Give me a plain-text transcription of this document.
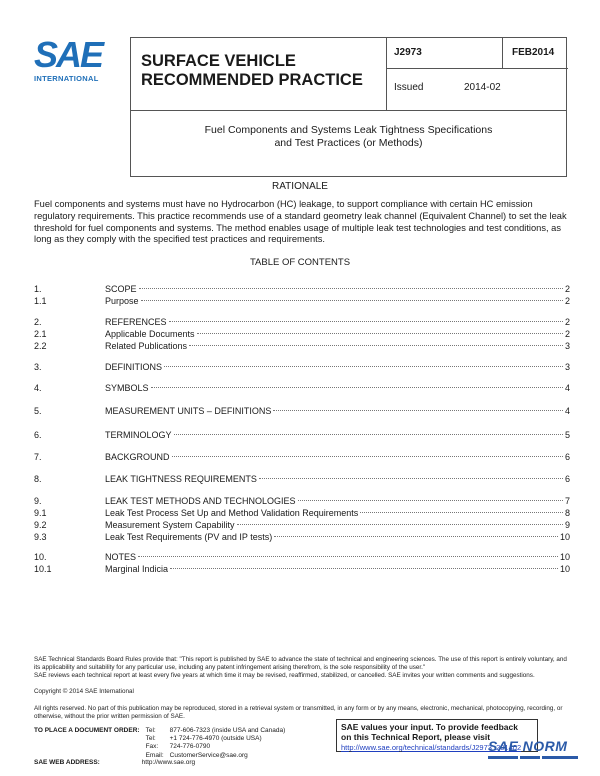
SAE
INTERNATIONAL
SURFACE VEHICLE
RECOMMENDED PRACTICE
J2973	FEB2014
Issued	2014-02
Fuel Components and Systems Leak Tightness Specifications
and Test Practices (or Methods)
RATIONALE
Fuel components and systems must have no Hydrocarbon (HC) leakage, to support compliance with certain HC emission regulatory requirements. This practice recommends use of a standard geometry leak channel (Equivalent Channel) to set the leak threshold for fuel components and systems. The method enables usage of multiple leak test technologies and test conditions, as long as they comply with the specified test practices and requirements.
TABLE OF CONTENTS
1.	SCOPE	2
1.1	Purpose	2
2.	REFERENCES	2
2.1	Applicable Documents	2
2.2	Related Publications	3
3.	DEFINITIONS	3
4.	SYMBOLS	4
5.	MEASUREMENT UNITS – DEFINITIONS	4
6.	TERMINOLOGY	5
7.	BACKGROUND	6
8.	LEAK TIGHTNESS REQUIREMENTS	6
9.	LEAK TEST METHODS AND TECHNOLOGIES	7
9.1	Leak Test Process Set Up and Method Validation Requirements	8
9.2	Measurement System Capability	9
9.3	Leak Test Requirements (PV and IP tests)	10
10.	NOTES	10
10.1	Marginal Indicia	10
SAE Technical Standards Board Rules provide that: "This report is published by SAE to advance the state of technical and engineering sciences. The use of this report is entirely voluntary, and its applicability and suitability for any particular use, including any patent infringement arising therefrom, is the sole responsibility of the user."
SAE reviews each technical report at least every five years at which time it may be revised, reaffirmed, stabilized, or cancelled. SAE invites your written comments and suggestions.
Copyright © 2014 SAE International
All rights reserved. No part of this publication may be reproduced, stored in a retrieval system or transmitted, in any form or by any means, electronic, mechanical, photocopying, recording, or otherwise, without the prior written permission of SAE.
TO PLACE A DOCUMENT ORDER:	Tel:	877-606-7323 (inside USA and Canada)
	Tel:	+1 724-776-4970 (outside USA)
	Fax:	724-776-0790
	Email:	CustomerService@sae.org
SAE WEB ADDRESS:	http://www.sae.org
SAE values your input. To provide feedback
on this Technical Report, please visit
http://www.sae.org/technical/standards/J2973_201402
SAE NORM
